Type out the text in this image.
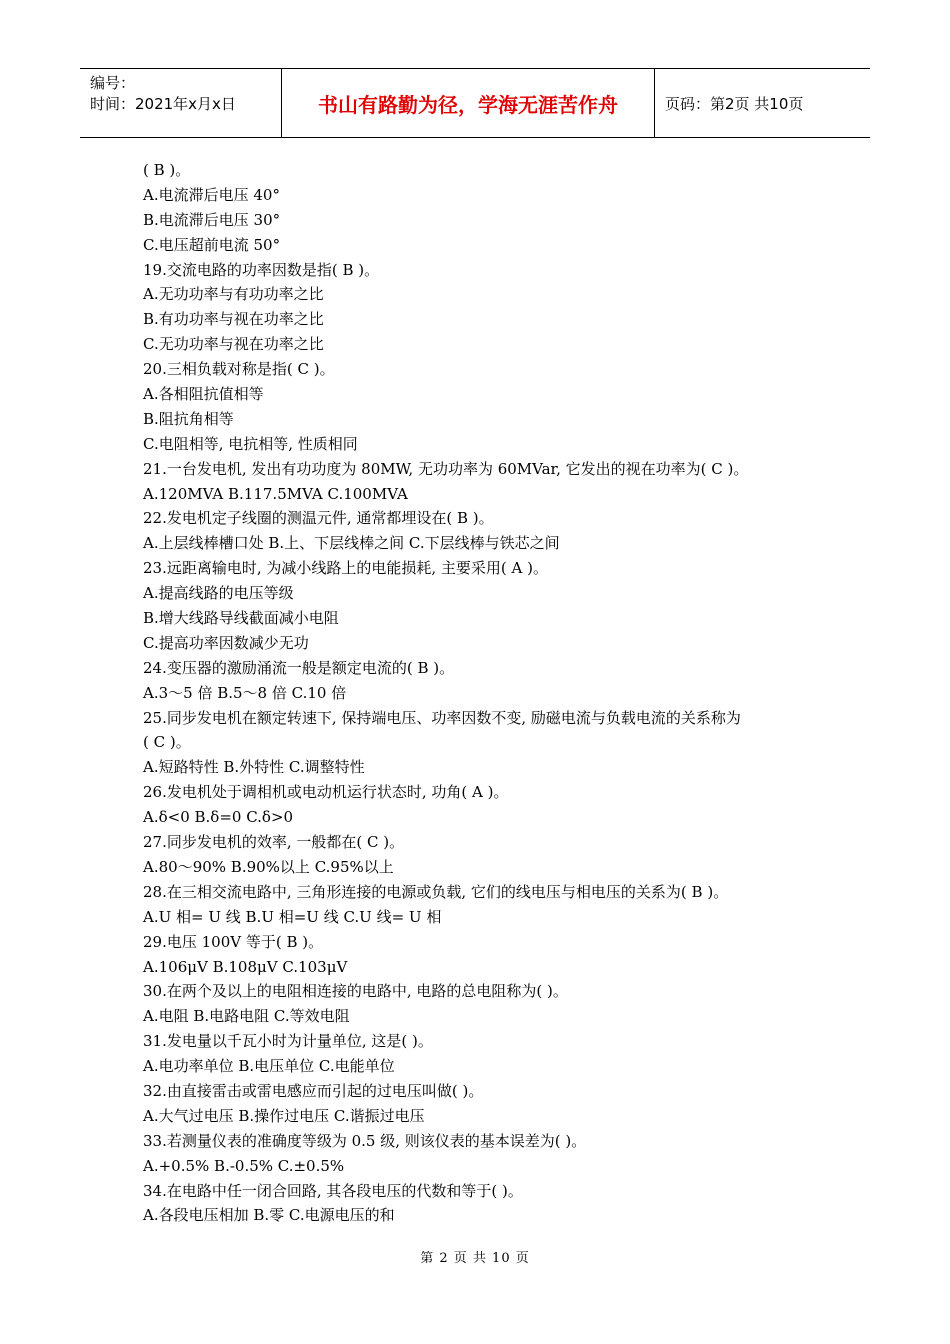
编号：
时间：2021年x月x日	书山有路勤为径，学海无涯苦作舟	页码：第2页 共10页
( B )。
A.电流滞后电压 40°
B.电流滞后电压 30°
C.电压超前电流 50°
19.交流电路的功率因数是指( B )。
A.无功功率与有功功率之比
B.有功功率与视在功率之比
C.无功功率与视在功率之比
20.三相负载对称是指( C )。
A.各相阻抗值相等
B.阻抗角相等
C.电阻相等, 电抗相等, 性质相同
21.一台发电机, 发出有功功度为 80MW, 无功功率为 60MVar, 它发出的视在功率为( C )。
A.120MVA B.117.5MVA C.100MVA
22.发电机定子线圈的测温元件, 通常都埋设在( B )。
A.上层线棒槽口处 B.上、下层线棒之间 C.下层线棒与铁芯之间
23.远距离输电时, 为减小线路上的电能损耗, 主要采用( A )。
A.提高线路的电压等级
B.增大线路导线截面减小电阻
C.提高功率因数减少无功
24.变压器的激励涌流一般是额定电流的( B )。
A.3～5 倍 B.5～8 倍 C.10 倍
25.同步发电机在额定转速下, 保持端电压、功率因数不变, 励磁电流与负载电流的关系称为
( C )。
A.短路特性 B.外特性 C.调整特性
26.发电机处于调相机或电动机运行状态时, 功角( A )。
A.δ<0 B.δ=0 C.δ>0
27.同步发电机的效率, 一般都在( C )。
A.80～90% B.90%以上 C.95%以上
28.在三相交流电路中, 三角形连接的电源或负载, 它们的线电压与相电压的关系为( B )。
A.U 相= U 线 B.U 相=U 线 C.U 线= U 相
29.电压 100V 等于( B )。
A.106μV B.108μV C.103μV
30.在两个及以上的电阻相连接的电路中, 电路的总电阻称为( )。
A.电阻 B.电路电阻 C.等效电阻
31.发电量以千瓦小时为计量单位, 这是( )。
A.电功率单位 B.电压单位 C.电能单位
32.由直接雷击或雷电感应而引起的过电压叫做( )。
A.大气过电压 B.操作过电压 C.谐振过电压
33.若测量仪表的准确度等级为 0.5 级, 则该仪表的基本误差为( )。
A.+0.5% B.-0.5% C.±0.5%
34.在电路中任一闭合回路, 其各段电压的代数和等于( )。
A.各段电压相加 B.零 C.电源电压的和
第 2 页 共 10 页
